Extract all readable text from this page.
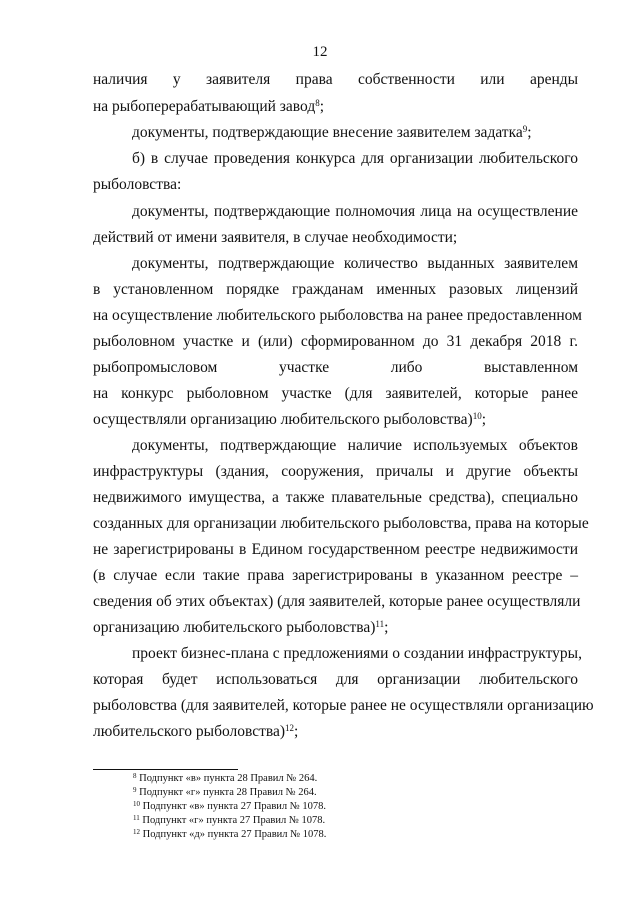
12
наличия у заявителя права собственности или аренды
на рыбоперерабатывающий завод$^8$;
документы, подтверждающие внесение заявителем задатка$^9$;
б) в случае проведения конкурса для организации любительского
рыболовства:
документы, подтверждающие полномочия лица на осуществление
действий от имени заявителя, в случае необходимости;
документы, подтверждающие количество выданных заявителем
в установленном порядке гражданам именных разовых лицензий
на осуществление любительского рыболовства на ранее предоставленном
рыболовном участке и (или) сформированном до 31 декабря 2018 г.
рыбопромысловом	участке	либо	выставленном
на конкурс рыболовном участке (для заявителей, которые ранее
осуществляли организацию любительского рыболовства)$^{10}$;
документы, подтверждающие наличие используемых объектов
инфраструктуры (здания, сооружения, причалы и другие объекты
недвижимого имущества, а также плавательные средства), специально
созданных для организации любительского рыболовства, права на которые
не зарегистрированы в Едином государственном реестре недвижимости
(в случае если такие права зарегистрированы в указанном реестре –
сведения об этих объектах) (для заявителей, которые ранее осуществляли
организацию любительского рыболовства)$^{11}$;
проект бизнес-плана с предложениями о создании инфраструктуры,
которая будет использоваться для организации любительского
рыболовства (для заявителей, которые ранее не осуществляли организацию
любительского рыболовства)$^{12}$;
$^8$ Подпункт «в» пункта 28 Правил № 264.
$^9$ Подпункт «г» пункта 28 Правил № 264.
$^{10}$ Подпункт «в» пункта 27 Правил № 1078.
$^{11}$ Подпункт «г» пункта 27 Правил № 1078.
$^{12}$ Подпункт «д» пункта 27 Правил № 1078.
